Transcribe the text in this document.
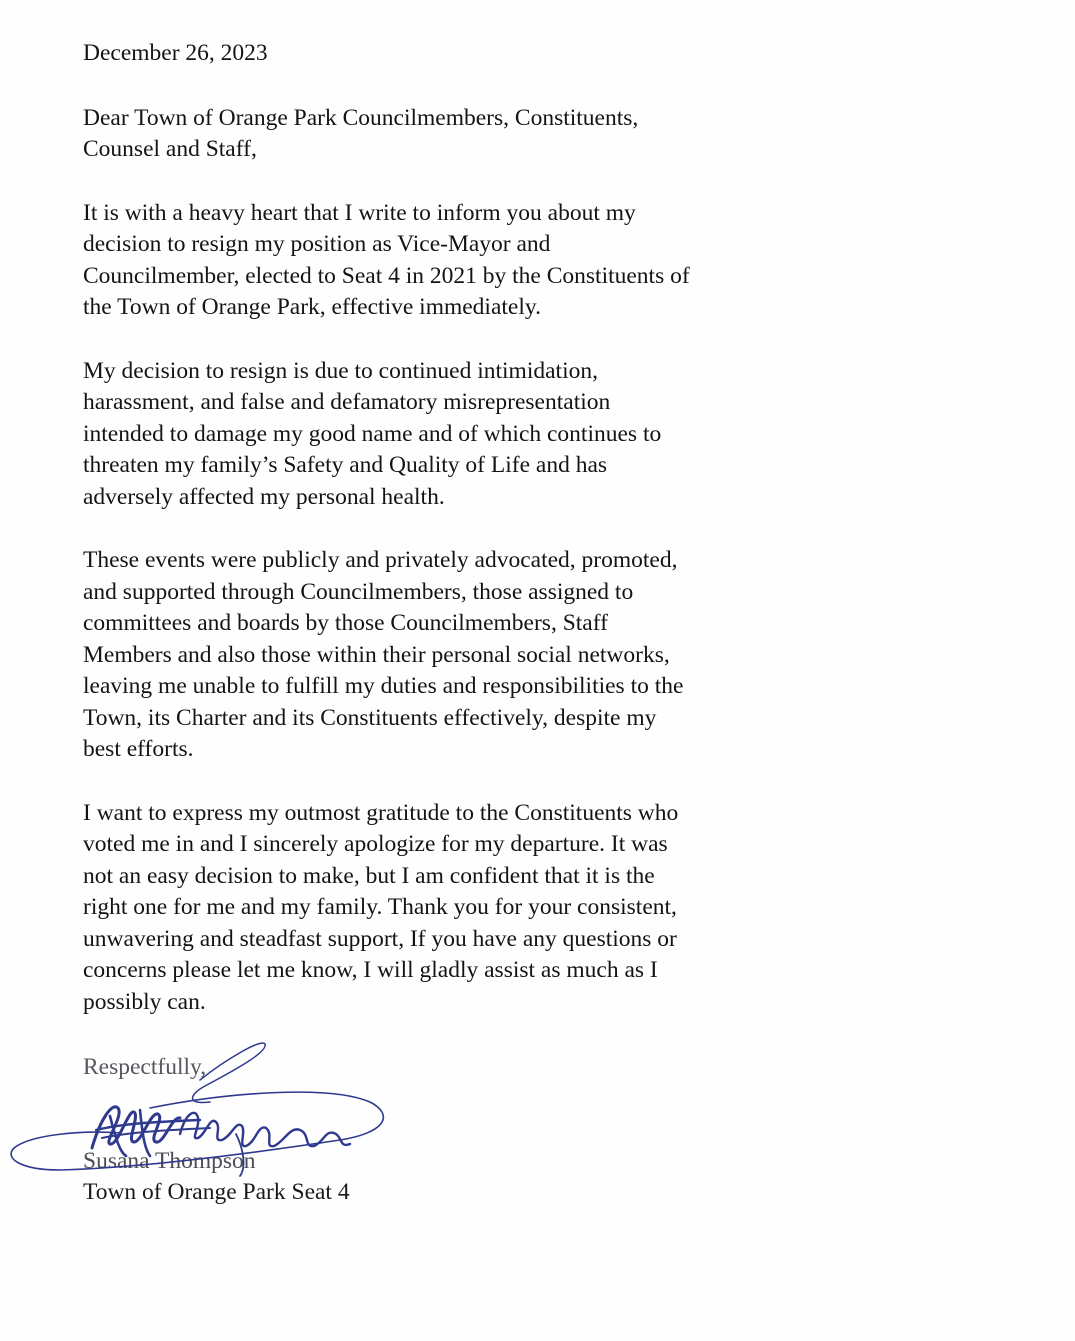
December 26, 2023
Dear Town of Orange Park Councilmembers, Constituents,
Counsel and Staff,
It is with a heavy heart that I write to inform you about my
decision to resign my position as Vice-Mayor and
Councilmember, elected to Seat 4 in 2021 by the Constituents of
the Town of Orange Park, effective immediately.
My decision to resign is due to continued intimidation,
harassment, and false and defamatory misrepresentation
intended to damage my good name and of which continues to
threaten my family’s Safety and Quality of Life and has
adversely affected my personal health.
These events were publicly and privately advocated, promoted,
and supported through Councilmembers, those assigned to
committees and boards by those Councilmembers, Staff
Members and also those within their personal social networks,
leaving me unable to fulfill my duties and responsibilities to the
Town, its Charter and its Constituents effectively, despite my
best efforts.
I want to express my outmost gratitude to the Constituents who
voted me in and I sincerely apologize for my departure. It was
not an easy decision to make, but I am confident that it is the
right one for me and my family. Thank you for your consistent,
unwavering and steadfast support, If you have any questions or
concerns please let me know, I will gladly assist as much as I
possibly can.
Respectfully,
Susana Thompson
Town of Orange Park Seat 4
